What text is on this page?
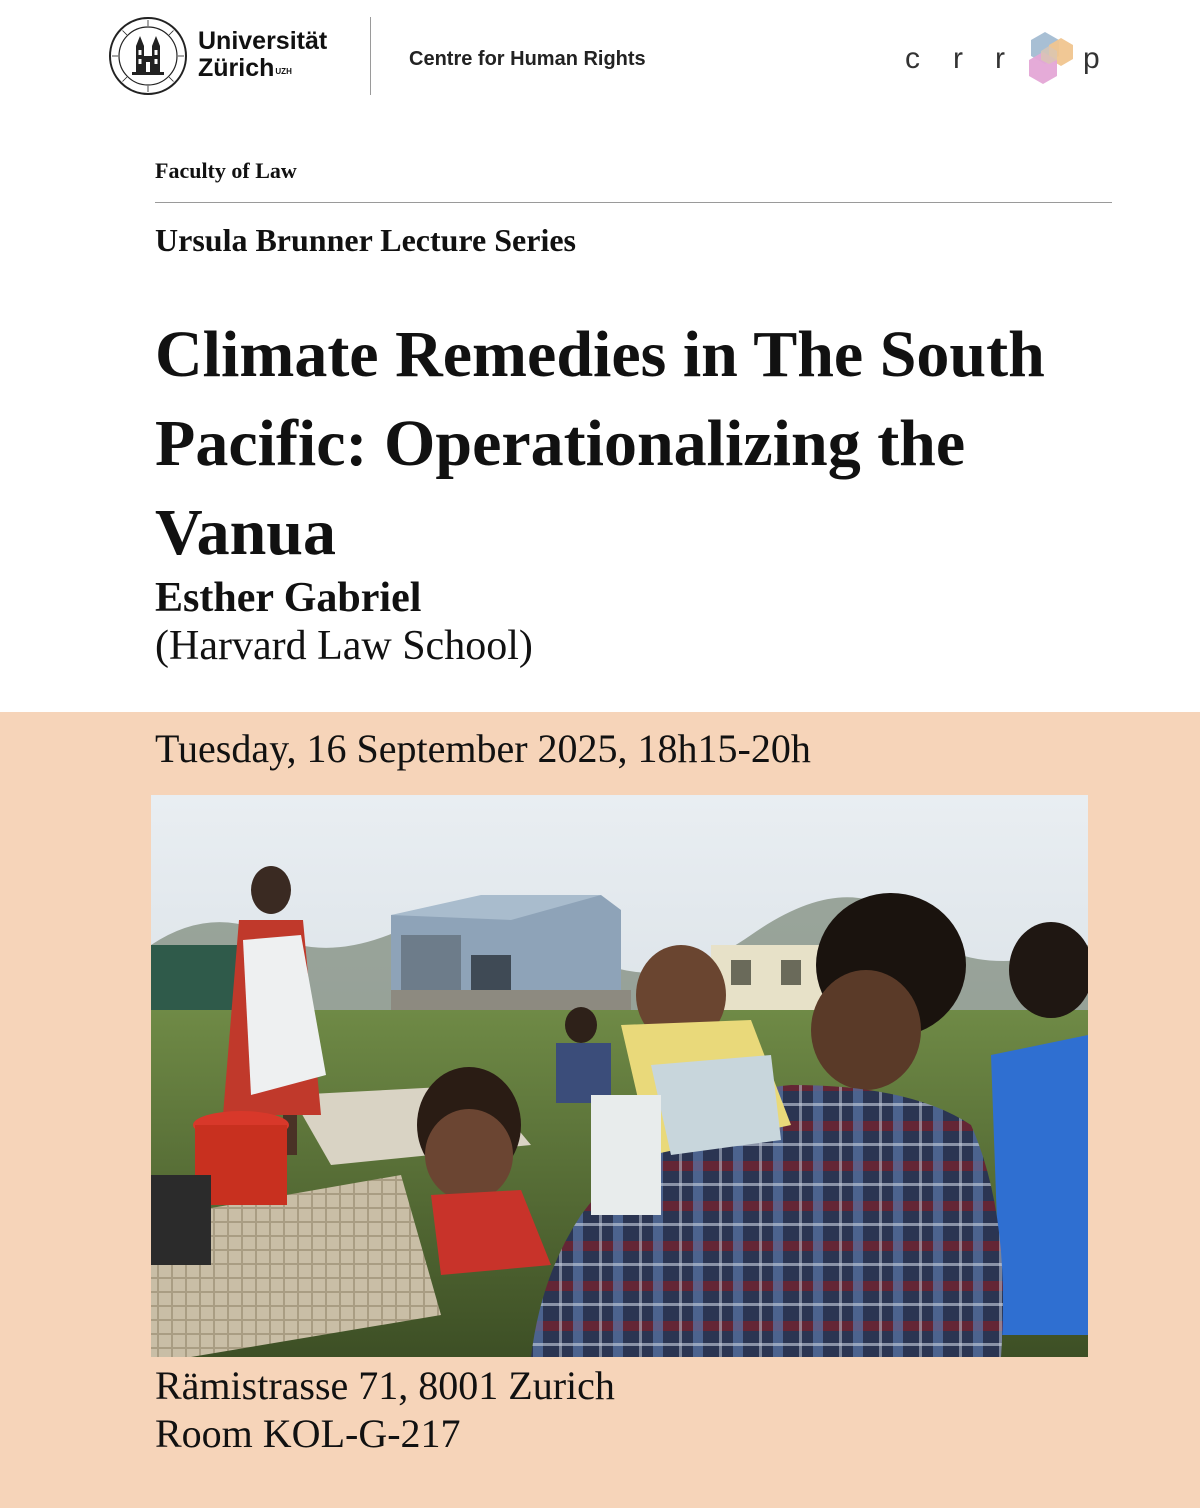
Universität
Zürich$^{UZH}$
Centre for Human Rights	c r r	p
Faculty of Law
Ursula Brunner Lecture Series
Climate Remedies in The South Pacific: Operationalizing the Vanua
Esther Gabriel
(Harvard Law School)
Tuesday, 16 September 2025, 18h15-20h
Rämistrasse 71, 8001 Zurich
Room KOL-G-217
